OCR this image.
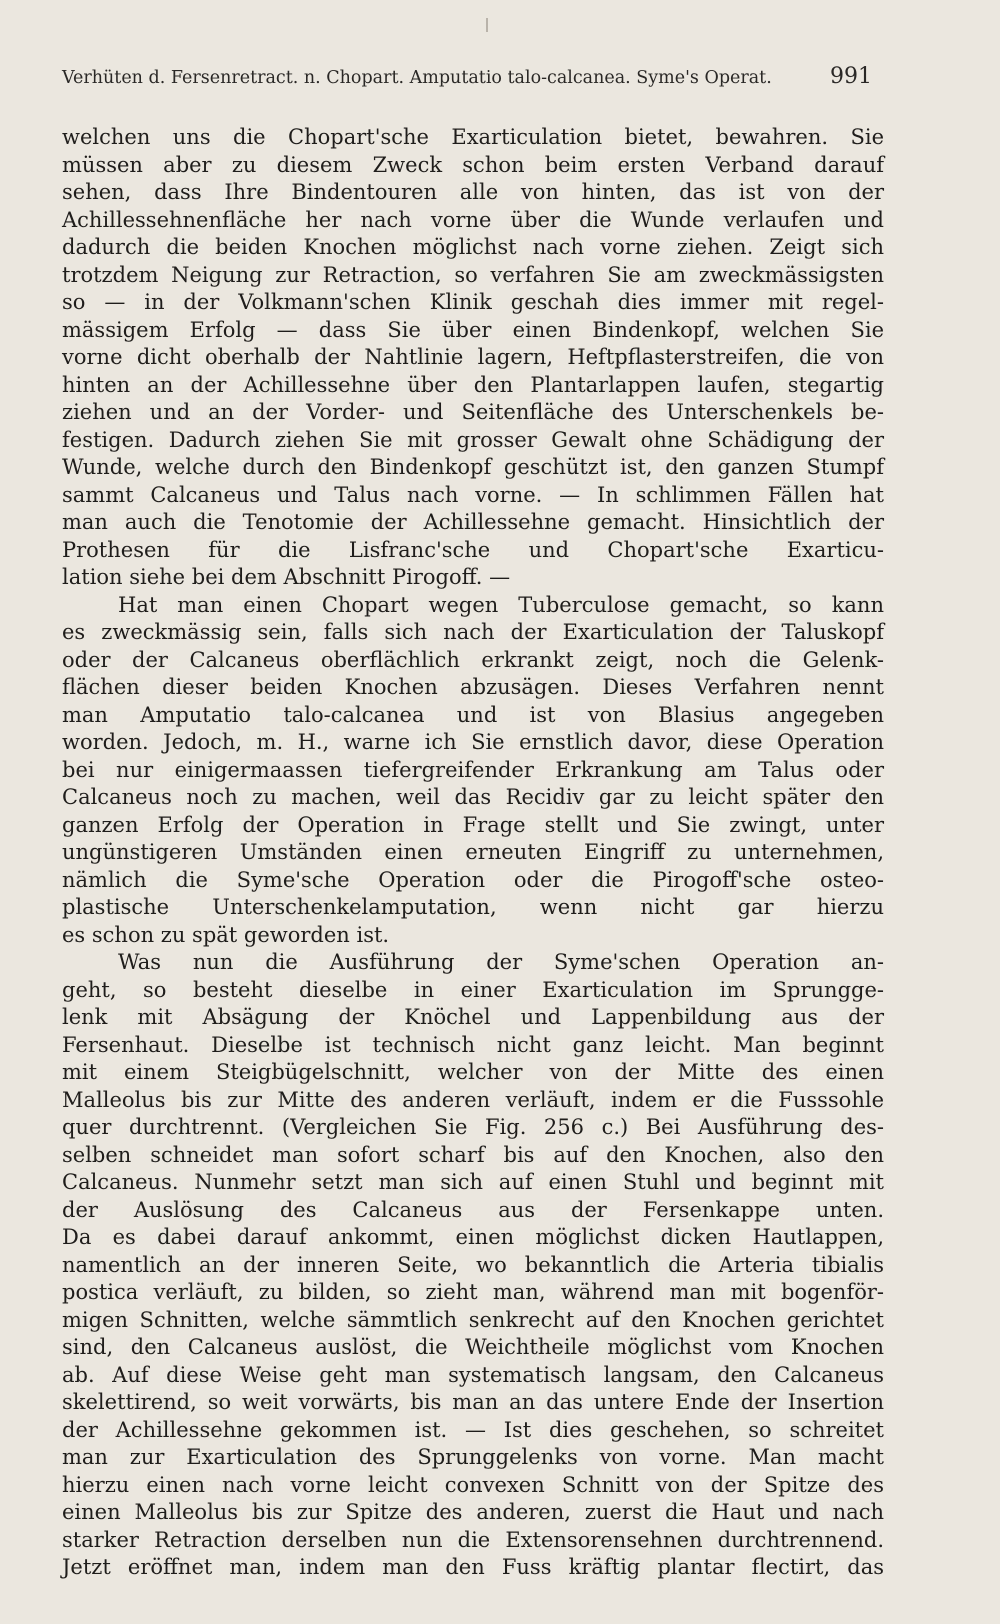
Verhüten d. Fersenretract. n. Chopart. Amputatio talo-calcanea. Syme's Operat.	991
welchen uns die Chopart'sche Exarticulation bietet, bewahren. Sie
müssen aber zu diesem Zweck schon beim ersten Verband darauf
sehen, dass Ihre Bindentouren alle von hinten, das ist von der
Achillessehnenfläche her nach vorne über die Wunde verlaufen und
dadurch die beiden Knochen möglichst nach vorne ziehen. Zeigt sich
trotzdem Neigung zur Retraction, so verfahren Sie am zweckmässigsten
so — in der Volkmann'schen Klinik geschah dies immer mit regel-
mässigem Erfolg — dass Sie über einen Bindenkopf, welchen Sie
vorne dicht oberhalb der Nahtlinie lagern, Heftpflasterstreifen, die von
hinten an der Achillessehne über den Plantarlappen laufen, stegartig
ziehen und an der Vorder- und Seitenfläche des Unterschenkels be-
festigen. Dadurch ziehen Sie mit grosser Gewalt ohne Schädigung der
Wunde, welche durch den Bindenkopf geschützt ist, den ganzen Stumpf
sammt Calcaneus und Talus nach vorne. — In schlimmen Fällen hat
man auch die Tenotomie der Achillessehne gemacht. Hinsichtlich der
Prothesen für die Lisfranc'sche und Chopart'sche Exarticu-
lation siehe bei dem Abschnitt Pirogoff. —
Hat man einen Chopart wegen Tuberculose gemacht, so kann
es zweckmässig sein, falls sich nach der Exarticulation der Taluskopf
oder der Calcaneus oberflächlich erkrankt zeigt, noch die Gelenk-
flächen dieser beiden Knochen abzusägen. Dieses Verfahren nennt
man Amputatio talo-calcanea und ist von Blasius angegeben
worden. Jedoch, m. H., warne ich Sie ernstlich davor, diese Operation
bei nur einigermaassen tiefergreifender Erkrankung am Talus oder
Calcaneus noch zu machen, weil das Recidiv gar zu leicht später den
ganzen Erfolg der Operation in Frage stellt und Sie zwingt, unter
ungünstigeren Umständen einen erneuten Eingriff zu unternehmen,
nämlich die Syme'sche Operation oder die Pirogoff'sche osteo-
plastische Unterschenkelamputation, wenn nicht gar hierzu
es schon zu spät geworden ist.
Was nun die Ausführung der Syme'schen Operation an-
geht, so besteht dieselbe in einer Exarticulation im Sprungge-
lenk mit Absägung der Knöchel und Lappenbildung aus der
Fersenhaut. Dieselbe ist technisch nicht ganz leicht. Man beginnt
mit einem Steigbügelschnitt, welcher von der Mitte des einen
Malleolus bis zur Mitte des anderen verläuft, indem er die Fusssohle
quer durchtrennt. (Vergleichen Sie Fig. 256 c.) Bei Ausführung des-
selben schneidet man sofort scharf bis auf den Knochen, also den
Calcaneus. Nunmehr setzt man sich auf einen Stuhl und beginnt mit
der Auslösung des Calcaneus aus der Fersenkappe unten.
Da es dabei darauf ankommt, einen möglichst dicken Hautlappen,
namentlich an der inneren Seite, wo bekanntlich die Arteria tibialis
postica verläuft, zu bilden, so zieht man, während man mit bogenför-
migen Schnitten, welche sämmtlich senkrecht auf den Knochen gerichtet
sind, den Calcaneus auslöst, die Weichtheile möglichst vom Knochen
ab. Auf diese Weise geht man systematisch langsam, den Calcaneus
skelettirend, so weit vorwärts, bis man an das untere Ende der Insertion
der Achillessehne gekommen ist. — Ist dies geschehen, so schreitet
man zur Exarticulation des Sprunggelenks von vorne. Man macht
hierzu einen nach vorne leicht convexen Schnitt von der Spitze des
einen Malleolus bis zur Spitze des anderen, zuerst die Haut und nach
starker Retraction derselben nun die Extensorensehnen durchtrennend.
Jetzt eröffnet man, indem man den Fuss kräftig plantar flectirt, das
